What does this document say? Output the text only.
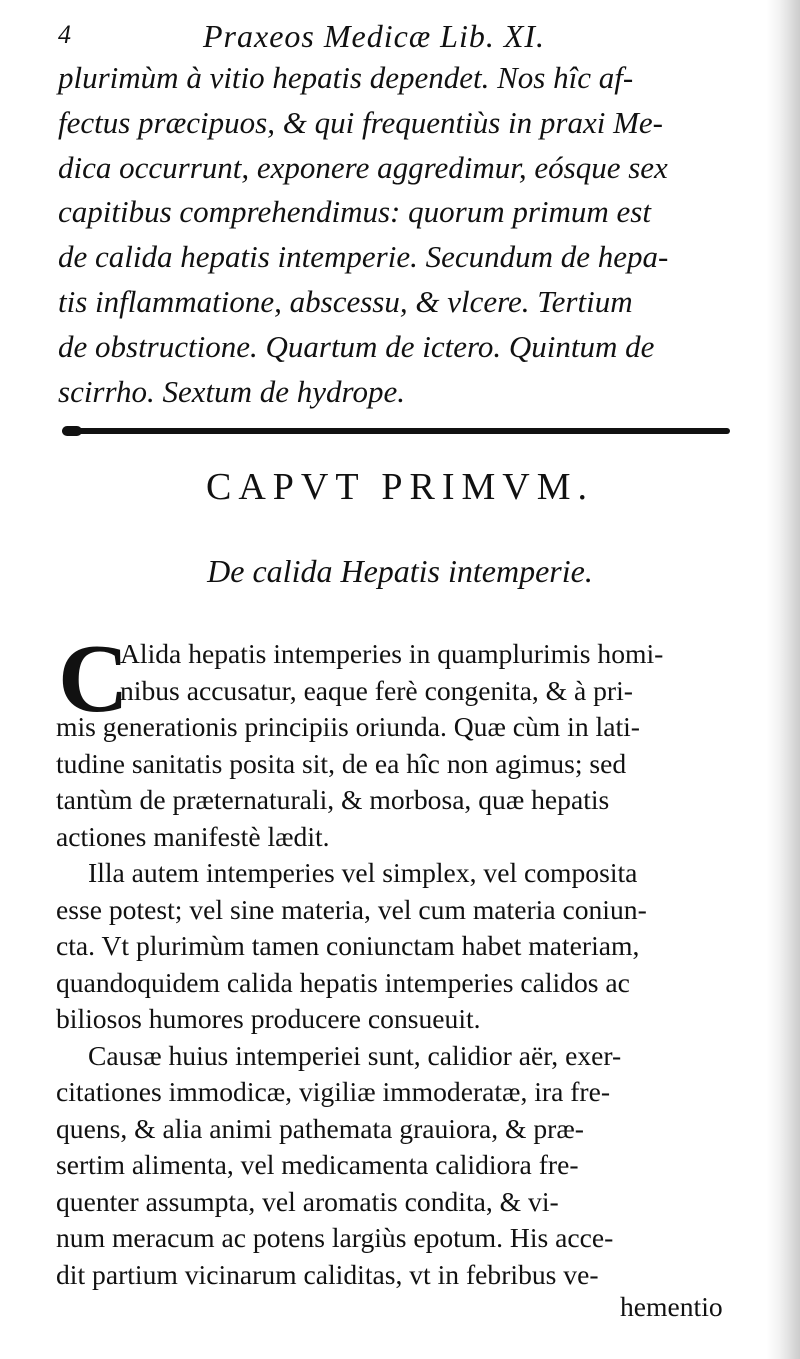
4	Praxeos Medicæ Lib. XI.
plurimùm à vitio hepatis dependet. Nos hîc af-
fectus præcipuos, & qui frequentiùs in praxi Me-
dica occurrunt, exponere aggredimur, eósque sex
capitibus comprehendimus: quorum primum est
de calida hepatis intemperie. Secundum de hepa-
tis inflammatione, abscessu, & vlcere. Tertium
de obstructione. Quartum de ictero. Quintum de
scirrho. Sextum de hydrope.
CAPVT PRIMVM.
De calida Hepatis intemperie.
C
Alida hepatis intemperies in quamplurimis homi-
nibus accusatur, eaque ferè congenita, & à pri-
mis generationis principiis oriunda. Quæ cùm in lati-
tudine sanitatis posita sit, de ea hîc non agimus; sed
tantùm de præternaturali, & morbosa, quæ hepatis
actiones manifestè lædit.
Illa autem intemperies vel simplex, vel composita
esse potest; vel sine materia, vel cum materia coniun-
cta. Vt plurimùm tamen coniunctam habet materiam,
quandoquidem calida hepatis intemperies calidos ac
biliosos humores producere consueuit.
Causæ huius intemperiei sunt, calidior aër, exer-
citationes immodicæ, vigiliæ immoderatæ, ira fre-
quens, & alia animi pathemata grauiora, & præ-
sertim alimenta, vel medicamenta calidiora fre-
quenter assumpta, vel aromatis condita, & vi-
num meracum ac potens largiùs epotum. His acce-
dit partium vicinarum caliditas, vt in febribus ve-
hementio
